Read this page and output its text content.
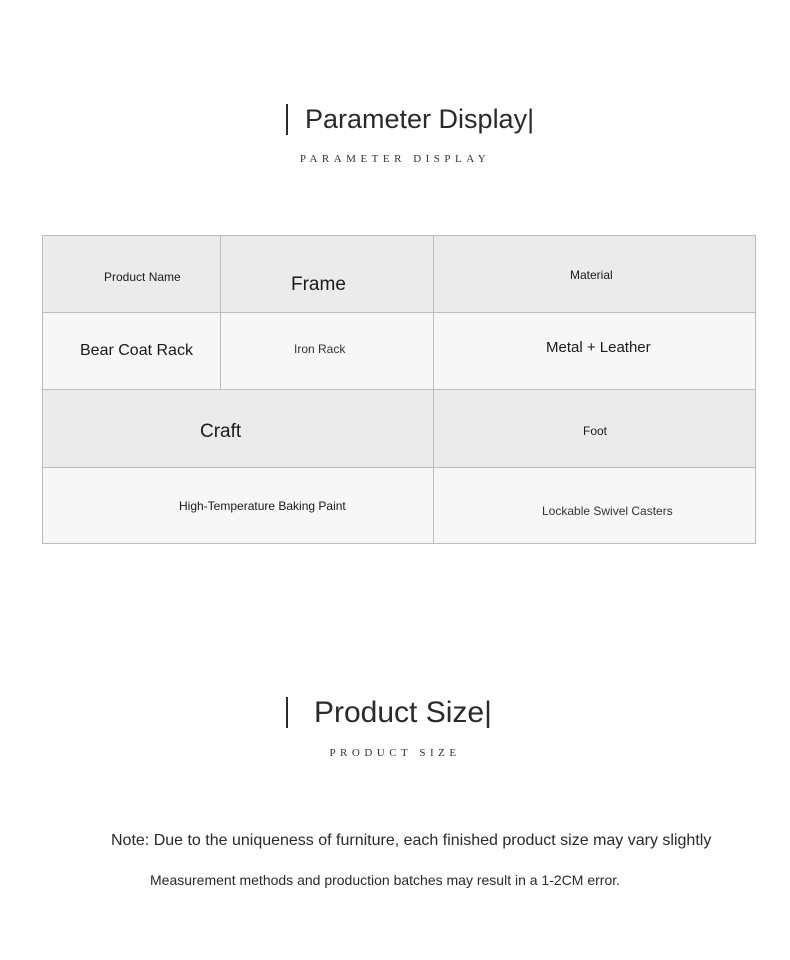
Parameter Display|
PARAMETER DISPLAY
Product Name	Frame	Material
Bear Coat Rack	Iron Rack	Metal + Leather
Craft	Foot
High-Temperature Baking Paint	Lockable Swivel Casters
Product Size|
PRODUCT SIZE
Note: Due to the uniqueness of furniture, each finished product size may vary slightly
Measurement methods and production batches may result in a 1-2CM error.
